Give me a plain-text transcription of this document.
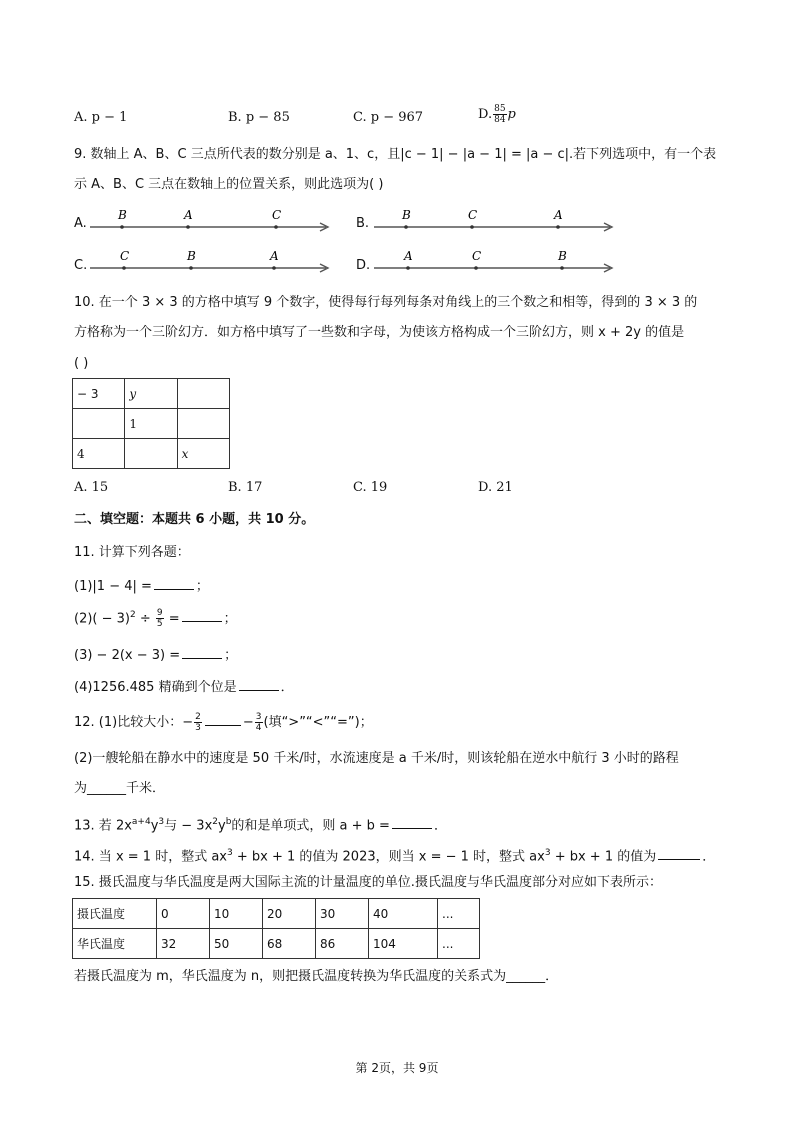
A. p − 1	B. p − 85	C. p − 967	D. $\frac{85}{84}$ p
9. 数轴上 A、B、C 三点所代表的数分别是 a、1、c，且|c − 1| − |a − 1| = |a − c|.若下列选项中，有一个表
示 A、B、C 三点在数轴上的位置关系，则此选项为( )
A.
B	A	C
B.
B	C	A
C.
C	B	A
D.
A	C	B
10. 在一个 3 × 3 的方格中填写 9 个数字，使得每行每列每条对角线上的三个数之和相等，得到的 3 × 3 的
方格称为一个三阶幻方．如方格中填写了一些数和字母，为使该方格构成一个三阶幻方，则 x + 2y 的值是
( )
− 3	y	
	1	
4		x
A. 15	B. 17	C. 19	D. 21
二、填空题：本题共 6 小题，共 10 分。
11. 计算下列各题：
(1)|1 − 4| =	；
$(2)( - 3)^2 \div \frac{9}{5}$ =	；
(3) − 2(x − 3) =	；
(4)1256.485 精确到个位是	．
12. (1)比较大小：− $\frac{2}{3}$	− $\frac{3}{4}$ (填“>”“<”“=”)；
(2)一艘轮船在静水中的速度是 50 千米/时，水流速度是 a 千米/时，则该轮船在逆水中航行 3 小时的路程
为______千米．
13. 若 $2x^{a+4}y^3$与 − $3x^2y^b$的和是单项式，则 a + b =	．
14. 当 x = 1 时，整式 $ax^3$ + bx + 1 的值为 2023，则当 x = − 1 时，整式 $ax^3$ + bx + 1 的值为	．
15. 摄氏温度与华氏温度是两大国际主流的计量温度的单位.摄氏温度与华氏温度部分对应如下表所示：
摄氏温度	0	10	20	30	40	...
华氏温度	32	50	68	86	104	...
若摄氏温度为 m，华氏温度为 n，则把摄氏温度转换为华氏温度的关系式为______．
第 2页，共 9页
